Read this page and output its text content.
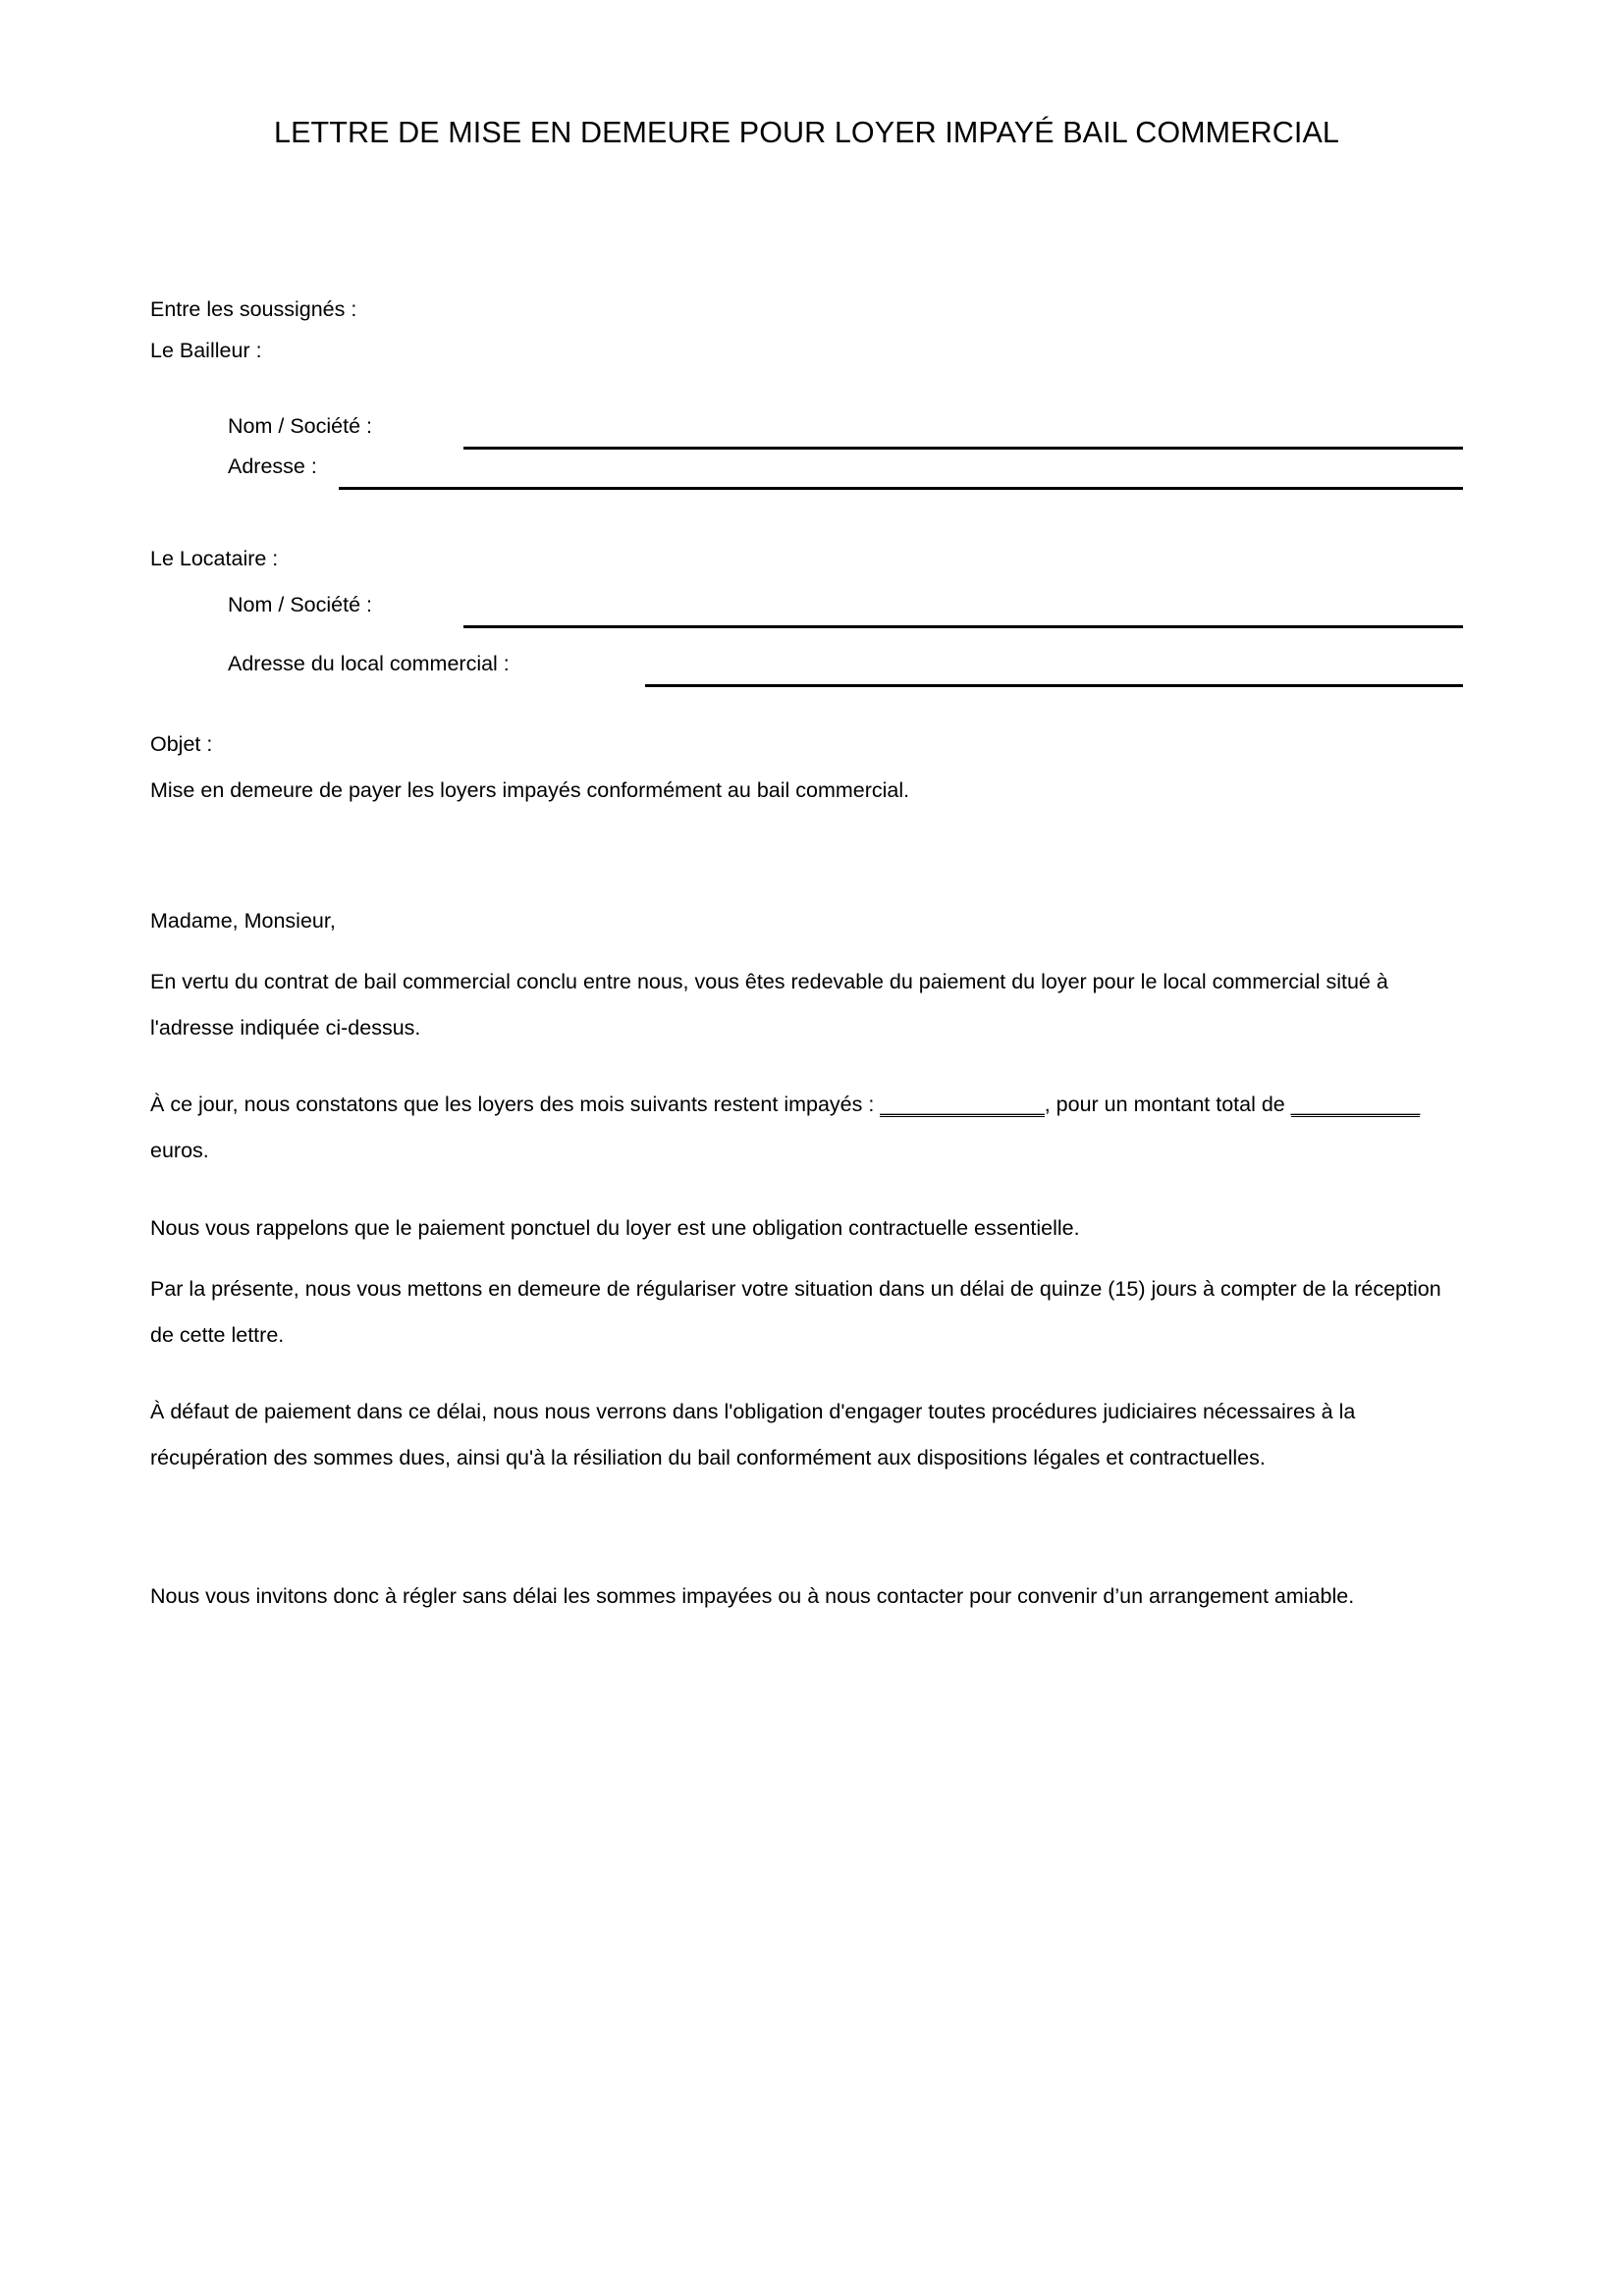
LETTRE DE MISE EN DEMEURE POUR LOYER IMPAYÉ BAIL COMMERCIAL
Entre les soussignés :
Le Bailleur :
Nom / Société :
Adresse :
Le Locataire :
Nom / Société :
Adresse du local commercial :
Objet :
Mise en demeure de payer les loyers impayés conformément au bail commercial.
Madame, Monsieur,
En vertu du contrat de bail commercial conclu entre nous, vous êtes redevable du paiement du loyer pour le local commercial situé à l'adresse indiquée ci-dessus.
À ce jour, nous constatons que les loyers des mois suivants restent impayés : ______________, pour un montant total de ___________ euros.
Nous vous rappelons que le paiement ponctuel du loyer est une obligation contractuelle essentielle.
Par la présente, nous vous mettons en demeure de régulariser votre situation dans un délai de quinze (15) jours à compter de la réception de cette lettre.
À défaut de paiement dans ce délai, nous nous verrons dans l'obligation d'engager toutes procédures judiciaires nécessaires à la récupération des sommes dues, ainsi qu'à la résiliation du bail conformément aux dispositions légales et contractuelles.
Nous vous invitons donc à régler sans délai les sommes impayées ou à nous contacter pour convenir d’un arrangement amiable.
